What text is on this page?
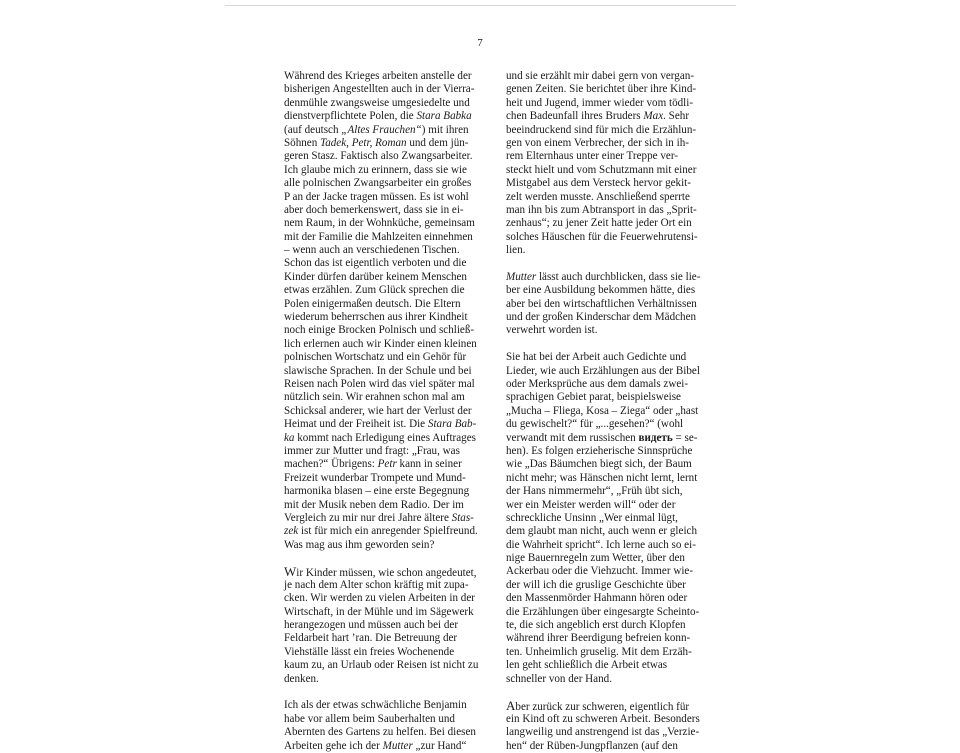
7
Während des Krieges arbeiten anstelle der
bisherigen Angestellten auch in der Vierra-
denmühle zwangsweise umgesiedelte und
dienstverpflichtete Polen, die Stara Babka
(auf deutsch „Altes Frauchen“) mit ihren
Söhnen Tadek, Petr, Roman und dem jün-
geren Stasz. Faktisch also Zwangsarbeiter.
Ich glaube mich zu erinnern, dass sie wie
alle polnischen Zwangsarbeiter ein großes
P an der Jacke tragen müssen. Es ist wohl
aber doch bemerkenswert, dass sie in ei-
nem Raum, in der Wohnküche, gemeinsam
mit der Familie die Mahlzeiten einnehmen
– wenn auch an verschiedenen Tischen.
Schon das ist eigentlich verboten und die
Kinder dürfen darüber keinem Menschen
etwas erzählen. Zum Glück sprechen die
Polen einigermaßen deutsch. Die Eltern
wiederum beherrschen aus ihrer Kindheit
noch einige Brocken Polnisch und schließ-
lich erlernen auch wir Kinder einen kleinen
polnischen Wortschatz und ein Gehör für
slawische Sprachen. In der Schule und bei
Reisen nach Polen wird das viel später mal
nützlich sein. Wir erahnen schon mal am
Schicksal anderer, wie hart der Verlust der
Heimat und der Freiheit ist. Die Stara Bab-
ka kommt nach Erledigung eines Auftrages
immer zur Mutter und fragt: „Frau, was
machen?“ Übrigens: Petr kann in seiner
Freizeit wunderbar Trompete und Mund-
harmonika blasen – eine erste Begegnung
mit der Musik neben dem Radio. Der im
Vergleich zu mir nur drei Jahre ältere Stas-
zek ist für mich ein anregender Spielfreund.
Was mag aus ihm geworden sein?
Wir Kinder müssen, wie schon angedeutet,
je nach dem Alter schon kräftig mit zupa-
cken. Wir werden zu vielen Arbeiten in der
Wirtschaft, in der Mühle und im Sägewerk
herangezogen und müssen auch bei der
Feldarbeit hart ’ran. Die Betreuung der
Viehställe lässt ein freies Wochenende
kaum zu, an Urlaub oder Reisen ist nicht zu
denken.
Ich als der etwas schwächliche Benjamin
habe vor allem beim Sauberhalten und
Abernten des Gartens zu helfen. Bei diesen
Arbeiten gehe ich der Mutter „zur Hand“
und sie erzählt mir dabei gern von vergan-
genen Zeiten. Sie berichtet über ihre Kind-
heit und Jugend, immer wieder vom tödli-
chen Badeunfall ihres Bruders Max. Sehr
beeindruckend sind für mich die Erzählun-
gen von einem Verbrecher, der sich in ih-
rem Elternhaus unter einer Treppe ver-
steckt hielt und vom Schutzmann mit einer
Mistgabel aus dem Versteck hervor gekit-
zelt werden musste. Anschließend sperrte
man ihn bis zum Abtransport in das „Sprit-
zenhaus“; zu jener Zeit hatte jeder Ort ein
solches Häuschen für die Feuerwehrutensi-
lien.
Mutter lässt auch durchblicken, dass sie lie-
ber eine Ausbildung bekommen hätte, dies
aber bei den wirtschaftlichen Verhältnissen
und der großen Kinderschar dem Mädchen
verwehrt worden ist.
Sie hat bei der Arbeit auch Gedichte und
Lieder, wie auch Erzählungen aus der Bibel
oder Merksprüche aus dem damals zwei-
sprachigen Gebiet parat, beispielsweise
„Mucha – Fliega, Kosa – Ziega“ oder „hast
du gewischelt?“ für „...gesehen?“ (wohl
verwandt mit dem russischen видеть = se-
hen). Es folgen erzieherische Sinnsprüche
wie „Das Bäumchen biegt sich, der Baum
nicht mehr; was Hänschen nicht lernt, lernt
der Hans nimmermehr“, „Früh übt sich,
wer ein Meister werden will“ oder der
schreckliche Unsinn „Wer einmal lügt,
dem glaubt man nicht, auch wenn er gleich
die Wahrheit spricht“. Ich lerne auch so ei-
nige Bauernregeln zum Wetter, über den
Ackerbau oder die Viehzucht. Immer wie-
der will ich die gruslige Geschichte über
den Massenmörder Hahmann hören oder
die Erzählungen über eingesargte Scheinto-
te, die sich angeblich erst durch Klopfen
während ihrer Beerdigung befreien konn-
ten. Unheimlich gruselig. Mit dem Erzäh-
len geht schließlich die Arbeit etwas
schneller von der Hand.
Aber zurück zur schweren, eigentlich für
ein Kind oft zu schweren Arbeit. Besonders
langweilig und anstrengend ist das „Verzie-
hen“ der Rüben-Jungpflanzen (auf den
